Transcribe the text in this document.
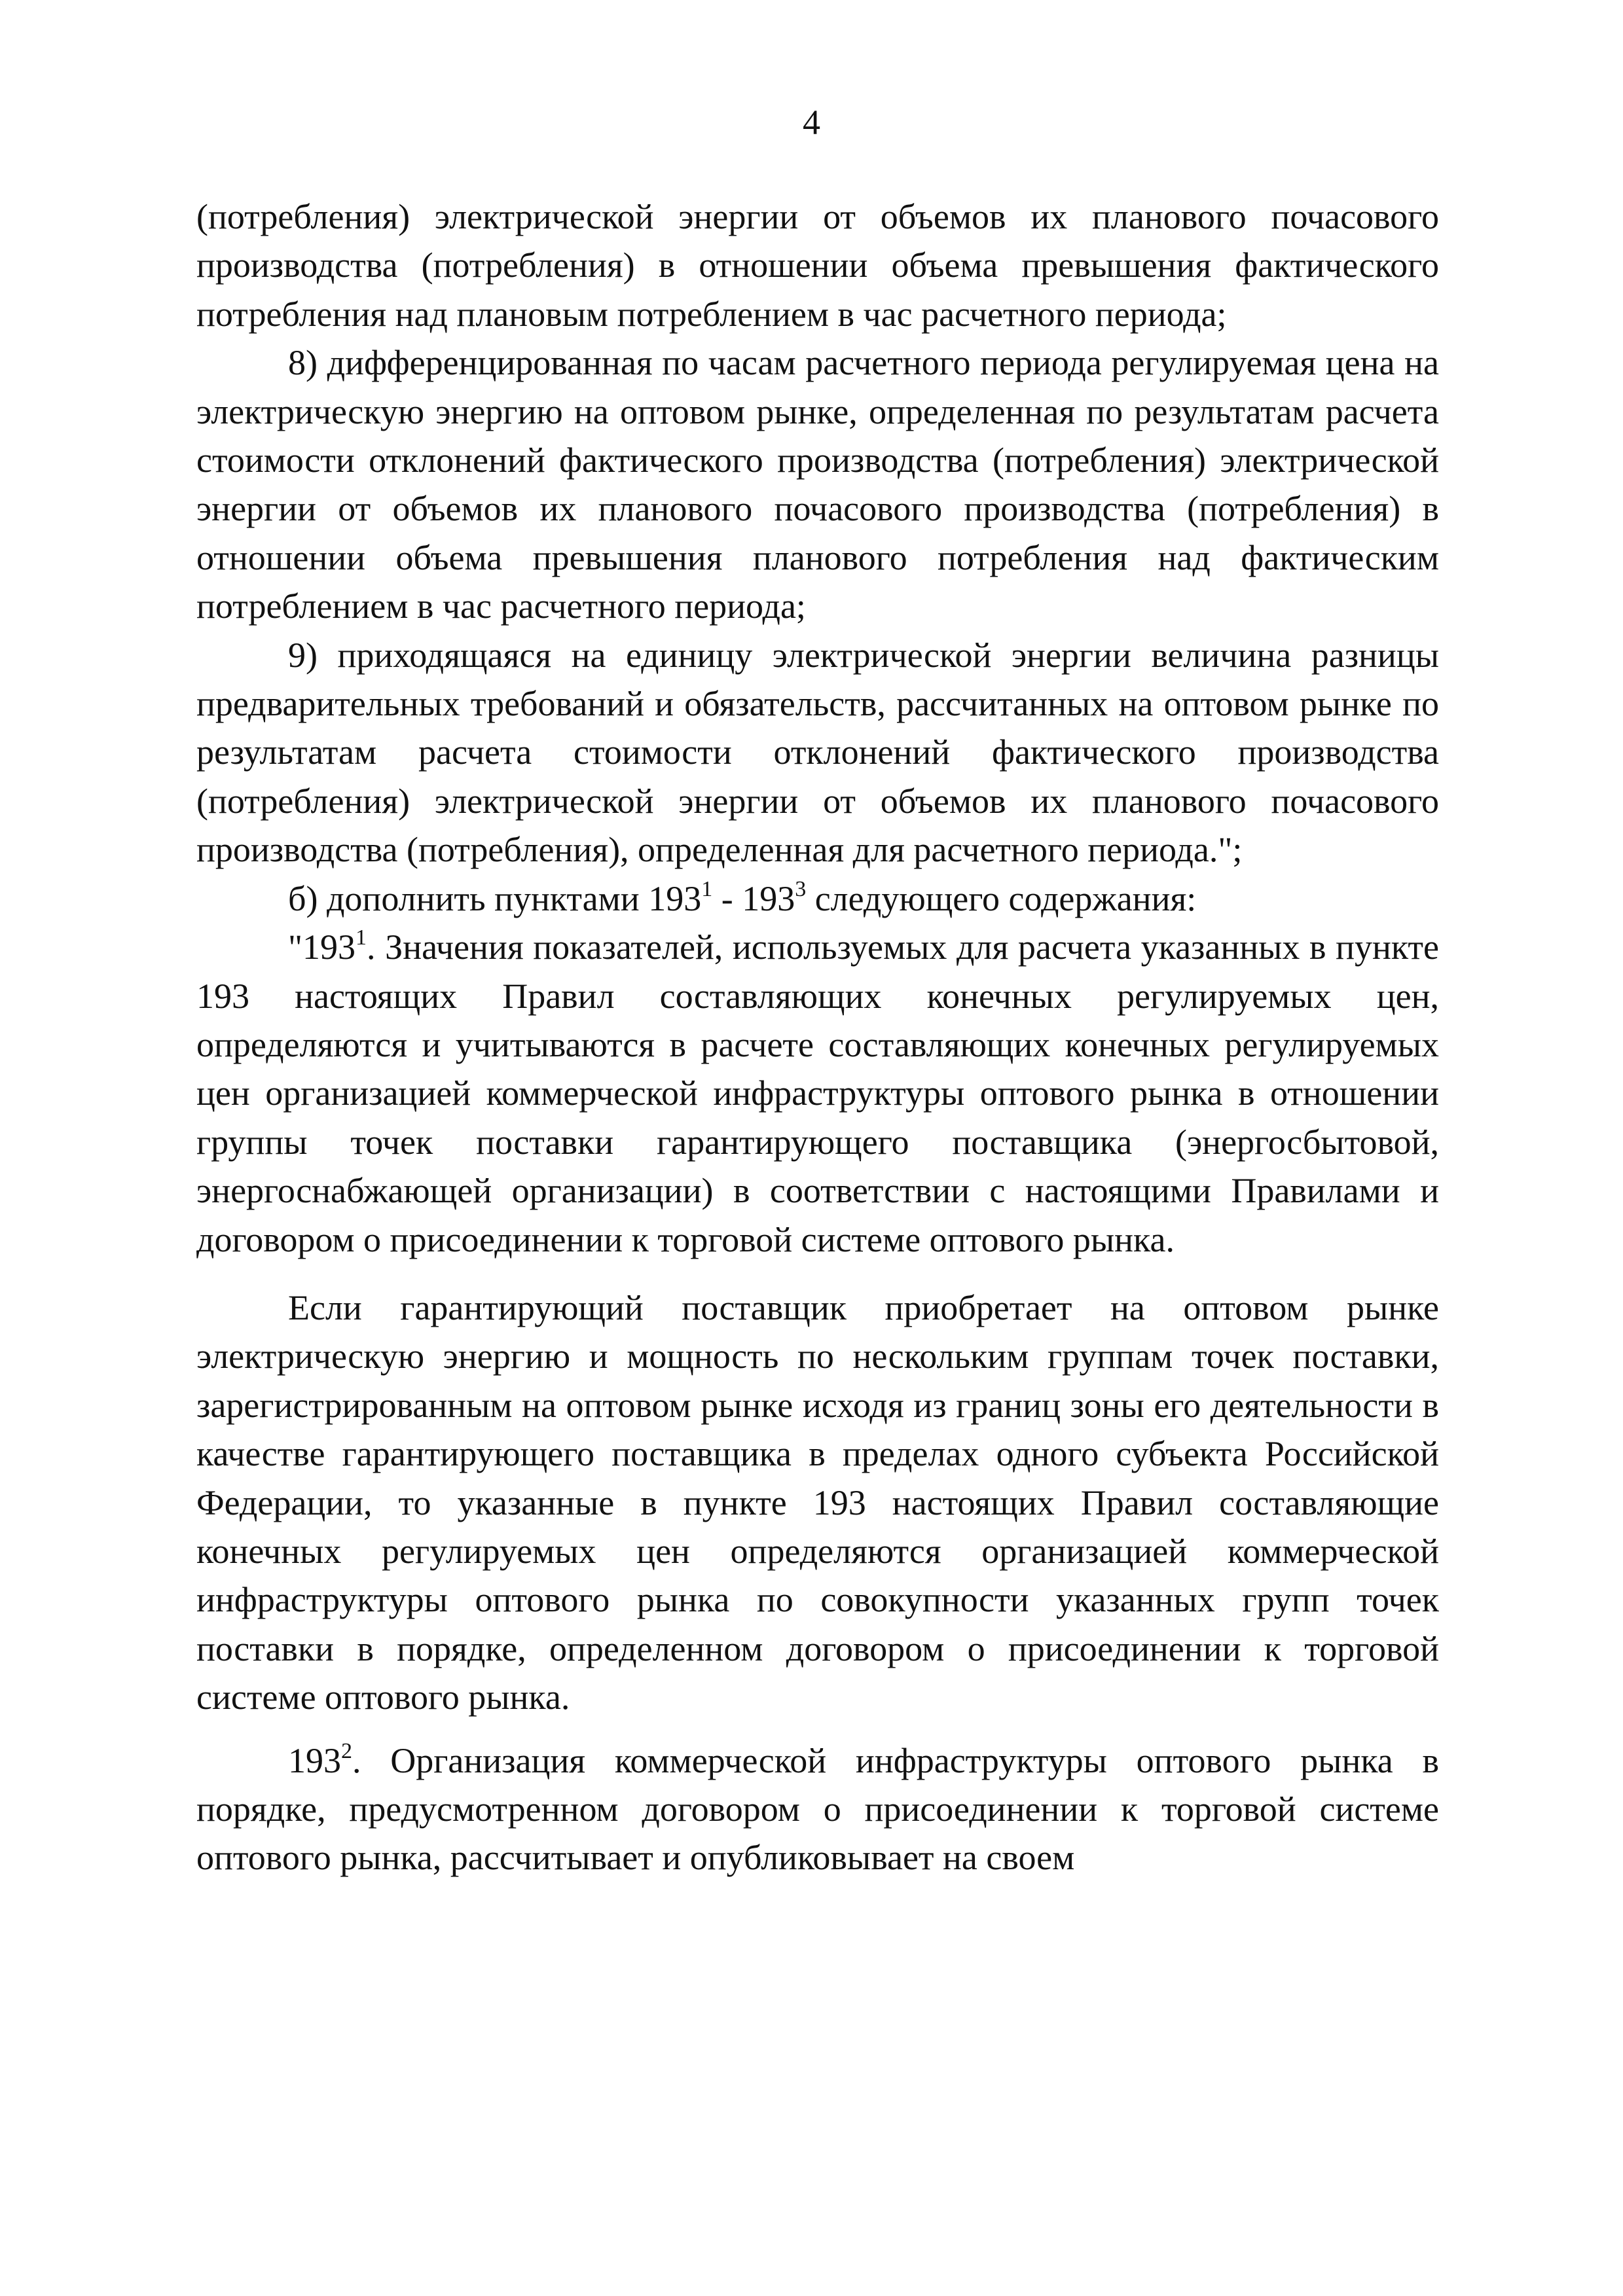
4

(потребления) электрической энергии от объемов их планового почасового производства (потребления) в отношении объема превышения фактического потребления над плановым потреблением в час расчетного периода;

8) дифференцированная по часам расчетного периода регулируемая цена на электрическую энергию на оптовом рынке, определенная по результатам расчета стоимости отклонений фактического производства (потребления) электрической энергии от объемов их планового почасового производства (потребления) в отношении объема превышения планового потребления над фактическим потреблением в час расчетного периода;

9) приходящаяся на единицу электрической энергии величина разницы предварительных требований и обязательств, рассчитанных на оптовом рынке по результатам расчета стоимости отклонений фактического производства (потребления) электрической энергии от объемов их планового почасового производства (потребления), определенная для расчетного периода.";

б) дополнить пунктами $193^1 - 193^3$ следующего содержания:

"$193^1$. Значения показателей, используемых для расчета указанных в пункте 193 настоящих Правил составляющих конечных регулируемых цен, определяются и учитываются в расчете составляющих конечных регулируемых цен организацией коммерческой инфраструктуры оптового рынка в отношении группы точек поставки гарантирующего поставщика (энергосбытовой, энергоснабжающей организации) в соответствии с настоящими Правилами и договором о присоединении к торговой системе оптового рынка.

Если гарантирующий поставщик приобретает на оптовом рынке электрическую энергию и мощность по нескольким группам точек поставки, зарегистрированным на оптовом рынке исходя из границ зоны его деятельности в качестве гарантирующего поставщика в пределах одного субъекта Российской Федерации, то указанные в пункте 193 настоящих Правил составляющие конечных регулируемых цен определяются организацией коммерческой инфраструктуры оптового рынка по совокупности указанных групп точек поставки в порядке, определенном договором о присоединении к торговой системе оптового рынка.

$193^2$. Организация коммерческой инфраструктуры оптового рынка в порядке, предусмотренном договором о присоединении к торговой системе оптового рынка, рассчитывает и опубликовывает на своем
